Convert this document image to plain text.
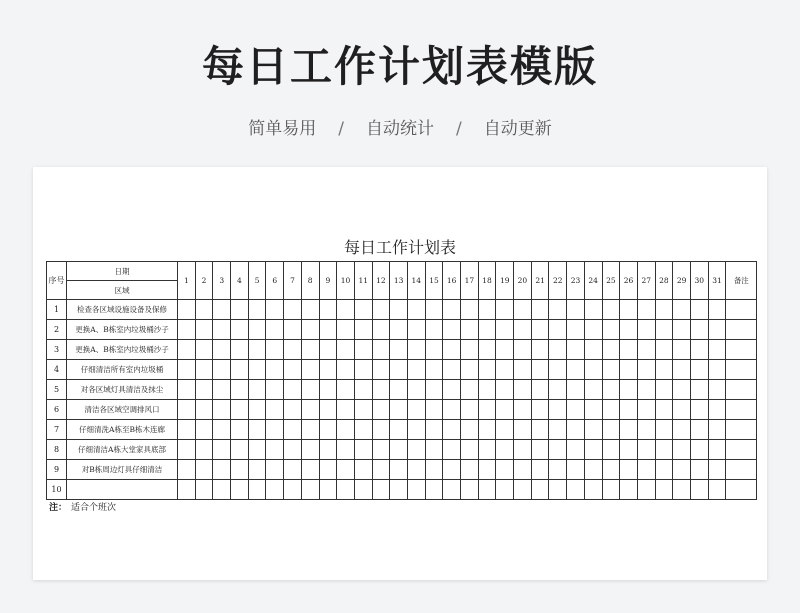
每日工作计划表模版
简单易用 / 自动统计 / 自动更新
每日工作计划表
序号	日期	1	2	3	4	5	6	7	8	9	10	11	12	13	14	15	16	17	18	19	20	21	22	23	24	25	26	27	28	29	30	31	备注
	区域																																
1	检查各区域设施设备及保修																																
2	更换A、B栋室内垃圾桶沙子																																
3	更换A、B栋室内垃圾桶沙子																																
4	仔细清洁所有室内垃圾桶																																
5	对各区域灯具清洁及抹尘																																
6	清洁各区域空调排风口																																
7	仔细清洗A栋至B栋木连廊																																
8	仔细清洁A栋大堂家具底部																																
9	对B栋周边灯具仔细清洁																																
10																																	
注： 适合个班次
